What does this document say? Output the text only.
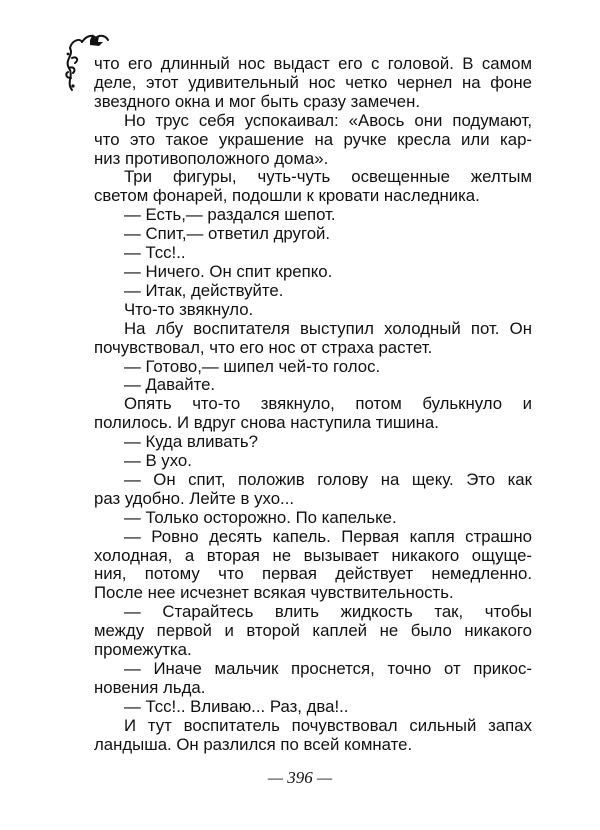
что его длинный нос выдаст его с головой. В самом
деле, этот удивительный нос четко чернел на фоне
звездного окна и мог быть сразу замечен.
Но трус себя успокаивал: «Авось они подумают,
что это такое украшение на ручке кресла или кар-
низ противоположного дома».
Три фигуры, чуть-чуть освещенные желтым
светом фонарей, подошли к кровати наследника.
— Есть,— раздался шепот.
— Спит,— ответил другой.
— Тсс!..
— Ничего. Он спит крепко.
— Итак, действуйте.
Что-то звякнуло.
На лбу воспитателя выступил холодный пот. Он
почувствовал, что его нос от страха растет.
— Готово,— шипел чей-то голос.
— Давайте.
Опять что-то звякнуло, потом булькнуло и
полилось. И вдруг снова наступила тишина.
— Куда вливать?
— В ухо.
— Он спит, положив голову на щеку. Это как
раз удобно. Лейте в ухо...
— Только осторожно. По капельке.
— Ровно десять капель. Первая капля страшно
холодная, а вторая не вызывает никакого ощуще-
ния, потому что первая действует немедленно.
После нее исчезнет всякая чувствительность.
— Старайтесь влить жидкость так, чтобы
между первой и второй каплей не было никакого
промежутка.
— Иначе мальчик проснется, точно от прикос-
новения льда.
— Тсс!.. Вливаю... Раз, два!..
И тут воспитатель почувствовал сильный запах
ландыша. Он разлился по всей комнате.
— 396 —
